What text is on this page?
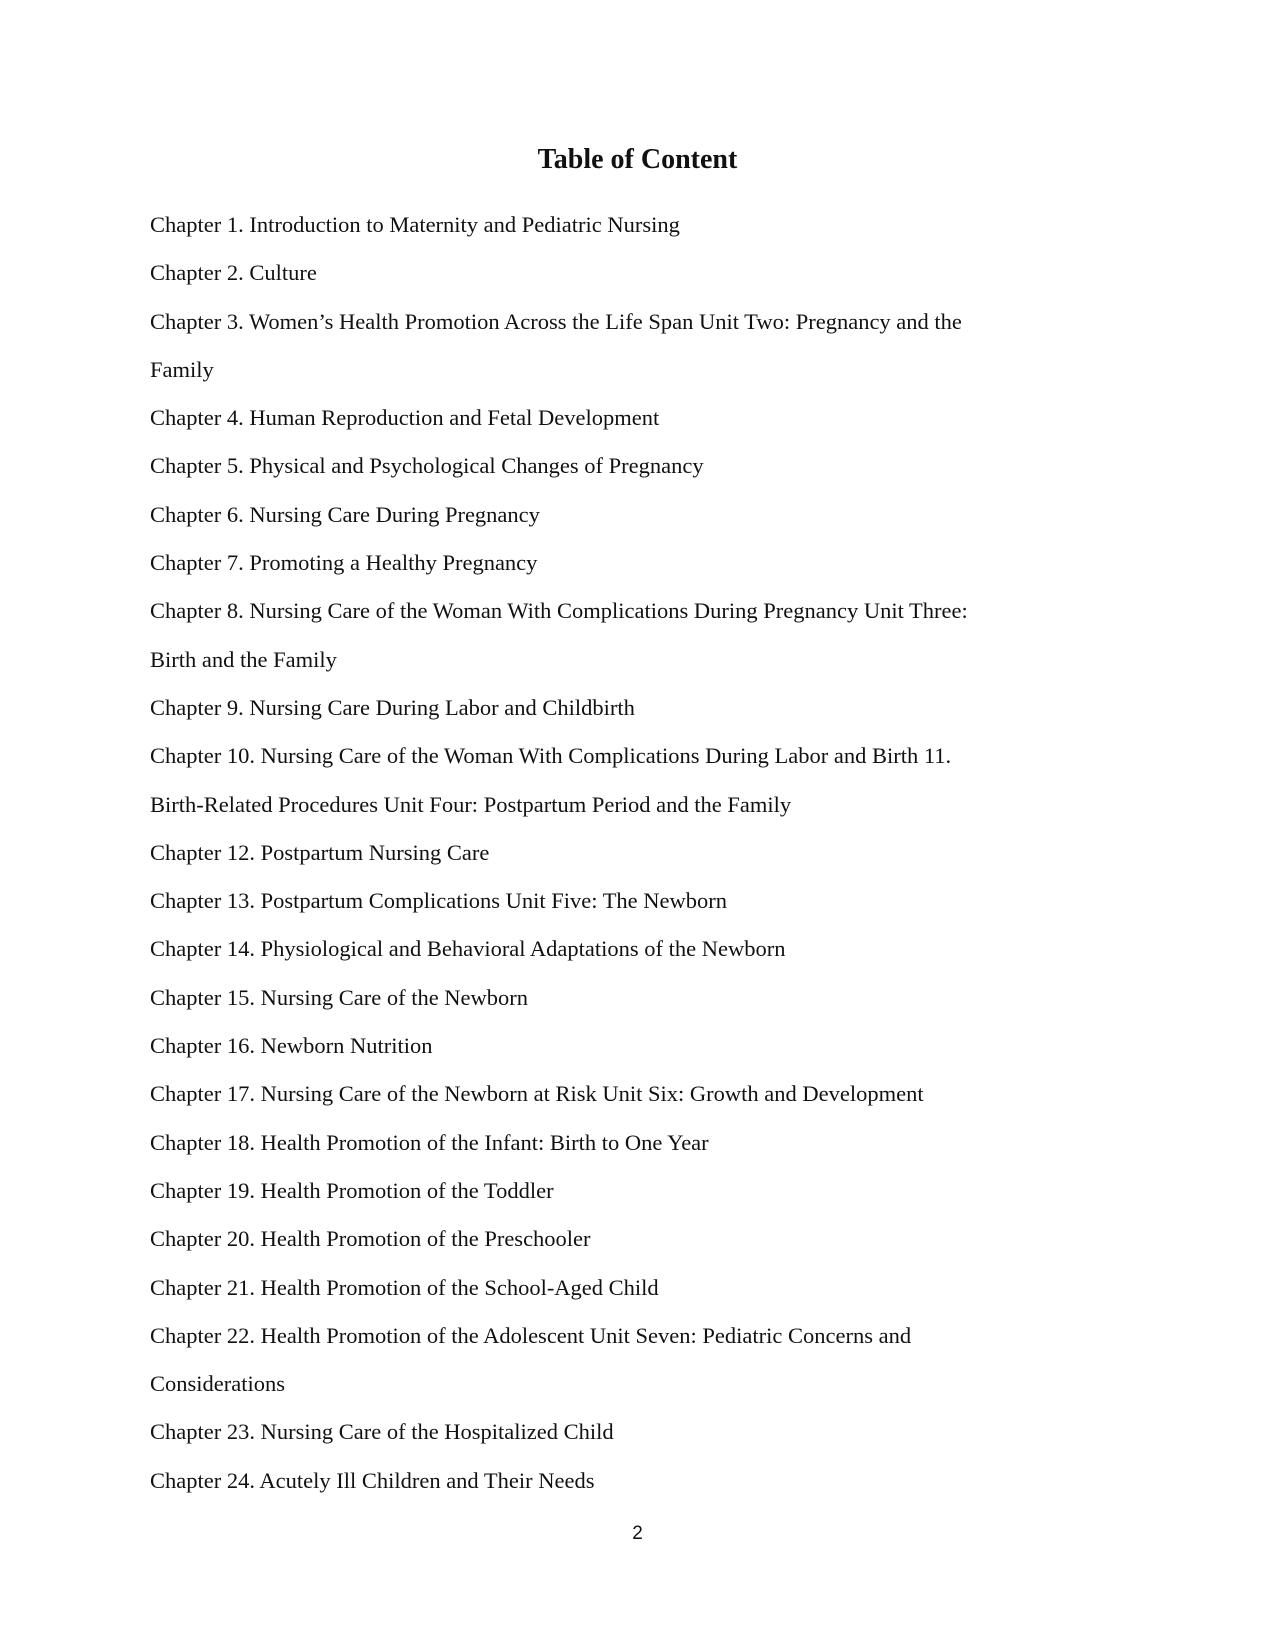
Table of Content
Chapter 1. Introduction to Maternity and Pediatric Nursing
Chapter 2. Culture
Chapter 3. Women’s Health Promotion Across the Life Span Unit Two: Pregnancy and the
Family
Chapter 4. Human Reproduction and Fetal Development
Chapter 5. Physical and Psychological Changes of Pregnancy
Chapter 6. Nursing Care During Pregnancy
Chapter 7. Promoting a Healthy Pregnancy
Chapter 8. Nursing Care of the Woman With Complications During Pregnancy Unit Three:
Birth and the Family
Chapter 9. Nursing Care During Labor and Childbirth
Chapter 10. Nursing Care of the Woman With Complications During Labor and Birth 11.
Birth-Related Procedures Unit Four: Postpartum Period and the Family
Chapter 12. Postpartum Nursing Care
Chapter 13. Postpartum Complications Unit Five: The Newborn
Chapter 14. Physiological and Behavioral Adaptations of the Newborn
Chapter 15. Nursing Care of the Newborn
Chapter 16. Newborn Nutrition
Chapter 17. Nursing Care of the Newborn at Risk Unit Six: Growth and Development
Chapter 18. Health Promotion of the Infant: Birth to One Year
Chapter 19. Health Promotion of the Toddler
Chapter 20. Health Promotion of the Preschooler
Chapter 21. Health Promotion of the School-Aged Child
Chapter 22. Health Promotion of the Adolescent Unit Seven: Pediatric Concerns and
Considerations
Chapter 23. Nursing Care of the Hospitalized Child
Chapter 24. Acutely Ill Children and Their Needs
2
